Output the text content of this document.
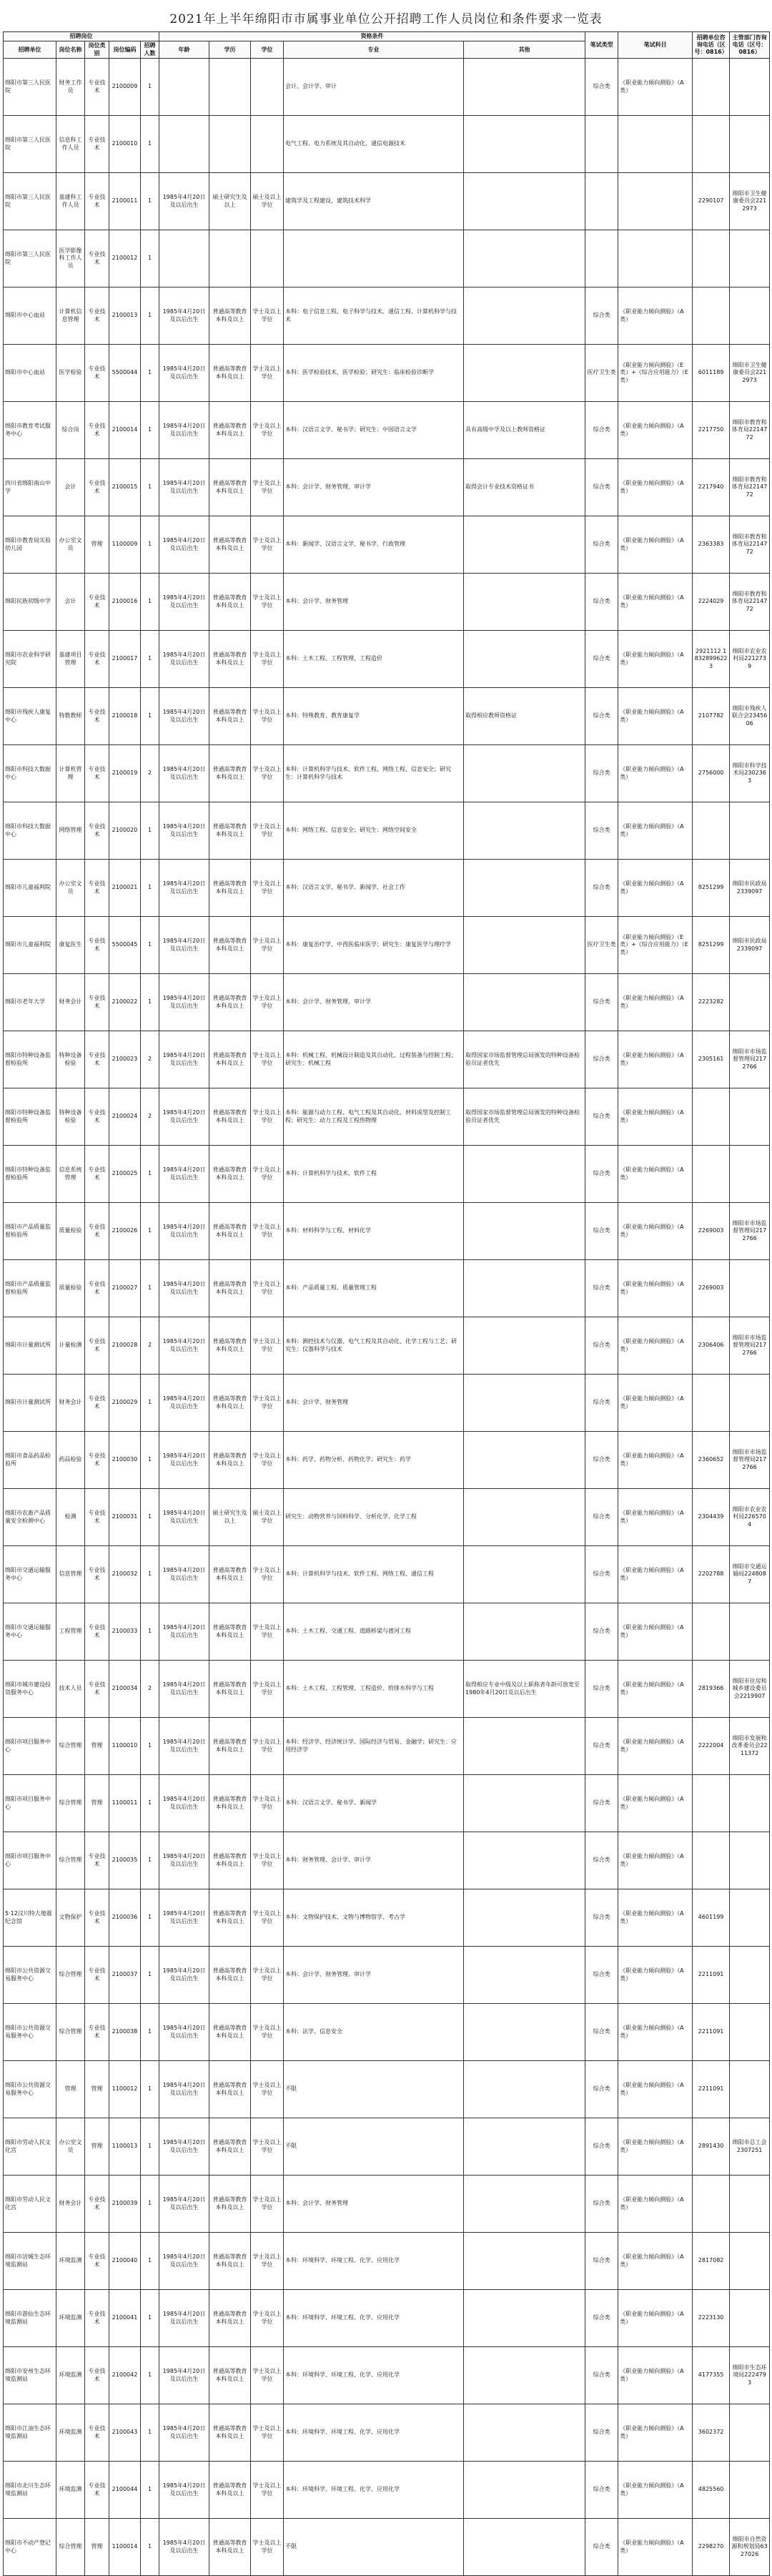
2021年上半年绵阳市市属事业单位公开招聘工作人员岗位和条件要求一览表
招聘岗位					资格条件					笔试类型	笔试科目	招聘单位咨询电话（区号：0816）	主管部门咨询电话（区号：0816）
招聘单位	岗位名称	岗位类别	岗位编码	招聘人数	年龄	学历	学位	专业	其他				
绵阳市第三人民医院	财务工作员	专业技术	2100009	1				会计、会计学、审计		综合类	《职业能力倾向测验》（A类）		
绵阳市第三人民医院	信息科工作人员	专业技术	2100010	1				电气工程、电力系统及其自动化、通信电源技术					
绵阳市第三人民医院	基建科工作人员	专业技术	2100011	1	1985年4月20日及以后出生	硕士研究生及以上	硕士及以上学位	建筑学及工程建设、建筑技术科学				2290107	绵阳市卫生健康委员会2212973
绵阳市第三人民医院	医学影像科工作人员	专业技术	2100012	1									
绵阳市中心血站	计算机信息管理	专业技术	2100013	1	1985年4月20日及以后出生	普通高等教育本科及以上	学士及以上学位	本科：电子信息工程、电子科学与技术、通信工程、计算机科学与技术		综合类	《职业能力倾向测验》（A类）		
绵阳市中心血站	医学检验	专业技术	5500044	1	1985年4月20日及以后出生	普通高等教育本科及以上	学士及以上学位	本科：医学检验技术、医学检验；研究生：临床检验诊断学		医疗卫生类	《职业能力倾向测验》（E类）+《综合应用能力》（E类）	6011189	绵阳市卫生健康委员会2212973
绵阳市教育考试服务中心	综合岗	专业技术	2100014	1	1985年4月20日及以后出生	普通高等教育本科及以上	学士及以上学位	本科：汉语言文学、秘书学；研究生：中国语言文学	具有高级中学及以上教师资格证	综合类	《职业能力倾向测验》（A类）	2217750	绵阳市教育和体育局2214772
四川省绵阳南山中学	会计	专业技术	2100015	1	1985年4月20日及以后出生	普通高等教育本科及以上	学士及以上学位	本科：会计学、财务管理、审计学	取得会计专业技术资格证书	综合类	《职业能力倾向测验》（A类）	2217940	绵阳市教育和体育局2214772
绵阳市教育局实验幼儿园	办公室文员	管理	1100009	1	1985年4月20日及以后出生	普通高等教育本科及以上	学士及以上学位	本科：新闻学、汉语言文学、秘书学、行政管理		综合类	《职业能力倾向测验》（A类）	2363383	绵阳市教育和体育局2214772
绵阳民族初级中学	会计	专业技术	2100016	1	1985年4月20日及以后出生	普通高等教育本科及以上	学士及以上学位	本科：会计学、财务管理		综合类	《职业能力倾向测验》（A类）	2224029	绵阳市教育和体育局2214772
绵阳市农业科学研究院	基建项目管理	专业技术	2100017	1	1985年4月20日及以后出生	普通高等教育本科及以上	学士及以上学位	本科：土木工程、工程管理、工程造价		综合类	《职业能力倾向测验》（A类）	2921112 18328996223	绵阳市农业农村局2212739
绵阳市残疾人康复中心	特教教师	专业技术	2100018	1	1985年4月20日及以后出生	普通高等教育本科及以上	学士及以上学位	本科：特殊教育、教育康复学	取得相应教师资格证	综合类	《职业能力倾向测验》（A类）	2107782	绵阳市残疾人联合会2345606
绵阳市科技大数据中心	计算机管理	专业技术	2100019	2	1985年4月20日及以后出生	普通高等教育本科及以上	学士及以上学位	本科：计算机科学与技术、软件工程、网络工程、信息安全；研究生：计算机科学与技术		综合类	《职业能力倾向测验》（A类）	2756000	绵阳市科学技术局2302363
绵阳市科技大数据中心	网络管理	专业技术	2100020	1	1985年4月20日及以后出生	普通高等教育本科及以上	学士及以上学位	本科：网络工程、信息安全；研究生：网络空间安全		综合类	《职业能力倾向测验》（A类）		
绵阳市儿童福利院	办公室文员	专业技术	2100021	1	1985年4月20日及以后出生	普通高等教育本科及以上	学士及以上学位	本科：汉语言文学、秘书学、新闻学、社会工作		综合类	《职业能力倾向测验》（A类）	8251299	绵阳市民政局2339097
绵阳市儿童福利院	康复医生	专业技术	5500045	1	1985年4月20日及以后出生	普通高等教育本科及以上	学士及以上学位	本科：康复治疗学、中西医临床医学；研究生：康复医学与理疗学		医疗卫生类	《职业能力倾向测验》（E类）+《综合应用能力》（E类）	8251299	绵阳市民政局2339097
绵阳市老年大学	财务会计	专业技术	2100022	1	1985年4月20日及以后出生	普通高等教育本科及以上	学士及以上学位	本科：会计学、财务管理、审计学		综合类	《职业能力倾向测验》（A类）	2223282	
绵阳市特种设备监督检验所	特种设备检验	专业技术	2100023	2	1985年4月20日及以后出生	普通高等教育本科及以上	学士及以上学位	本科：机械工程、机械设计制造及其自动化、过程装备与控制工程；研究生：机械工程	取得国家市场监督管理总局颁发的特种设备检验员证者优先	综合类	《职业能力倾向测验》（A类）	2305161	绵阳市市场监督管理局2172766
绵阳市特种设备监督检验所	特种设备检验	专业技术	2100024	2	1985年4月20日及以后出生	普通高等教育本科及以上	学士及以上学位	本科：能源与动力工程、电气工程及其自动化、材料成型及控制工程；研究生：动力工程及工程热物理	取得国家市场监督管理总局颁发的特种设备检验员证者优先	综合类	《职业能力倾向测验》（A类）		
绵阳市特种设备监督检验所	信息系统管理	专业技术	2100025	1	1985年4月20日及以后出生	普通高等教育本科及以上	学士及以上学位	本科：计算机科学与技术、软件工程		综合类	《职业能力倾向测验》（A类）		
绵阳市产品质量监督检验所	质量检验	专业技术	2100026	1	1985年4月20日及以后出生	普通高等教育本科及以上	学士及以上学位	本科：材料科学与工程、材料化学		综合类	《职业能力倾向测验》（A类）	2269003	绵阳市市场监督管理局2172766
绵阳市产品质量监督检验所	质量检验	专业技术	2100027	1	1985年4月20日及以后出生	普通高等教育本科及以上	学士及以上学位	本科：产品质量工程、质量管理工程		综合类	《职业能力倾向测验》（A类）	2269003	
绵阳市计量测试所	计量检测	专业技术	2100028	2	1985年4月20日及以后出生	普通高等教育本科及以上	学士及以上学位	本科：测控技术与仪器、电气工程及其自动化、化学工程与工艺；研究生：仪器科学与技术		综合类	《职业能力倾向测验》（A类）	2306406	绵阳市市场监督管理局2172766
绵阳市计量测试所	财务会计	专业技术	2100029	1	1985年4月20日及以后出生	普通高等教育本科及以上	学士及以上学位	本科：会计学、财务管理		综合类	《职业能力倾向测验》（A类）		
绵阳市食品药品检验所	药品检验	专业技术	2100030	1	1985年4月20日及以后出生	普通高等教育本科及以上	学士及以上学位	本科：药学、药物分析、药物化学；研究生：药学		综合类	《职业能力倾向测验》（A类）	2360652	绵阳市市场监督管理局2172766
绵阳市农畜产品质量安全检测中心	检测	专业技术	2100031	1	1985年4月20日及以后出生	硕士研究生及以上	硕士及以上学位	研究生：动物营养与饲料科学、分析化学、化学工程		综合类	《职业能力倾向测验》（A类）	2304439	绵阳市农业农村局2265704
绵阳市交通运输服务中心	信息管理	专业技术	2100032	1	1985年4月20日及以后出生	普通高等教育本科及以上	学士及以上学位	本科：计算机科学与技术、软件工程、网络工程、通信工程		综合类	《职业能力倾向测验》（A类）	2202788	绵阳市交通运输局2248087
绵阳市交通运输服务中心	工程管理	专业技术	2100033	1	1985年4月20日及以后出生	普通高等教育本科及以上	学士及以上学位	本科：土木工程、交通工程、道路桥梁与渡河工程		综合类	《职业能力倾向测验》（A类）		
绵阳市城市建设投资服务中心	技术人员	专业技术	2100034	2	1985年4月20日及以后出生	普通高等教育本科及以上	学士及以上学位	本科：土木工程、工程管理、工程造价、给排水科学与工程	取得相应专业中级及以上职称者年龄可放宽至1980年4月20日及以后出生	综合类	《职业能力倾向测验》（A类）	2819366	绵阳市住房和城乡建设委员会2219907
绵阳市项目服务中心	综合管理	管理	1100010	1	1985年4月20日及以后出生	普通高等教育本科及以上	学士及以上学位	本科：经济学、经济统计学、国际经济与贸易、金融学；研究生：应用经济学		综合类	《职业能力倾向测验》（A类）	2222004	绵阳市发展和改革委员会2211372
绵阳市项目服务中心	综合管理	管理	1100011	1	1985年4月20日及以后出生	普通高等教育本科及以上	学士及以上学位	本科：汉语言文学、秘书学、新闻学		综合类	《职业能力倾向测验》（A类）		
绵阳市项目服务中心	综合管理	专业技术	2100035	1	1985年4月20日及以后出生	普通高等教育本科及以上	学士及以上学位	本科：财务管理、会计学、审计学		综合类	《职业能力倾向测验》（A类）		
5·12汶川特大地震纪念馆	文物保护	专业技术	2100036	1	1985年4月20日及以后出生	普通高等教育本科及以上	学士及以上学位	本科：文物保护技术、文物与博物馆学、考古学		综合类	《职业能力倾向测验》（A类）	4601199	
绵阳市公共资源交易服务中心	综合管理	专业技术	2100037	1	1985年4月20日及以后出生	普通高等教育本科及以上	学士及以上学位	本科：会计学、财务管理、审计学		综合类	《职业能力倾向测验》（A类）	2211091	
绵阳市公共资源交易服务中心	综合管理	专业技术	2100038	1	1985年4月20日及以后出生	普通高等教育本科及以上	学士及以上学位	本科：法学、信息安全		综合类	《职业能力倾向测验》（A类）	2211091	
绵阳市公共资源交易服务中心	管理	管理	1100012	1	1985年4月20日及以后出生	普通高等教育本科及以上	学士及以上学位	不限		综合类	《职业能力倾向测验》（A类）	2211091	
绵阳市劳动人民文化宫	办公室文员	管理	1100013	1	1985年4月20日及以后出生	普通高等教育本科及以上	学士及以上学位	不限		综合类	《职业能力倾向测验》（A类）	2891430	绵阳市总工会2307251
绵阳市劳动人民文化宫	财务会计	专业技术	2100039	1	1985年4月20日及以后出生	普通高等教育本科及以上	学士及以上学位	本科：会计学、财务管理		综合类	《职业能力倾向测验》（A类）		
绵阳市涪城生态环境监测站	环境监测	专业技术	2100040	1	1985年4月20日及以后出生	普通高等教育本科及以上	学士及以上学位	本科：环境科学、环境工程、化学、应用化学		综合类	《职业能力倾向测验》（A类）	2817082	
绵阳市游仙生态环境监测站	环境监测	专业技术	2100041	1	1985年4月20日及以后出生	普通高等教育本科及以上	学士及以上学位	本科：环境科学、环境工程、化学、应用化学		综合类	《职业能力倾向测验》（A类）	2223130	
绵阳市安州生态环境监测站	环境监测	专业技术	2100042	1	1985年4月20日及以后出生	普通高等教育本科及以上	学士及以上学位	本科：环境科学、环境工程、化学、应用化学		综合类	《职业能力倾向测验》（A类）	4177355	绵阳市生态环境局2224793
绵阳市江油生态环境监测站	环境监测	专业技术	2100043	1	1985年4月20日及以后出生	普通高等教育本科及以上	学士及以上学位	本科：环境科学、环境工程、化学、应用化学		综合类	《职业能力倾向测验》（A类）	3602372	
绵阳市北川生态环境监测站	环境监测	专业技术	2100044	1	1985年4月20日及以后出生	普通高等教育本科及以上	学士及以上学位	本科：环境科学、环境工程、化学、应用化学		综合类	《职业能力倾向测验》（A类）	4825560	
绵阳市不动产登记中心	综合管理	管理	1100014	1	1985年4月20日及以后出生	普通高等教育本科及以上	学士及以上学位	不限		综合类	《职业能力倾向测验》（A类）	2298270	绵阳市自然资源和规划局6327026
